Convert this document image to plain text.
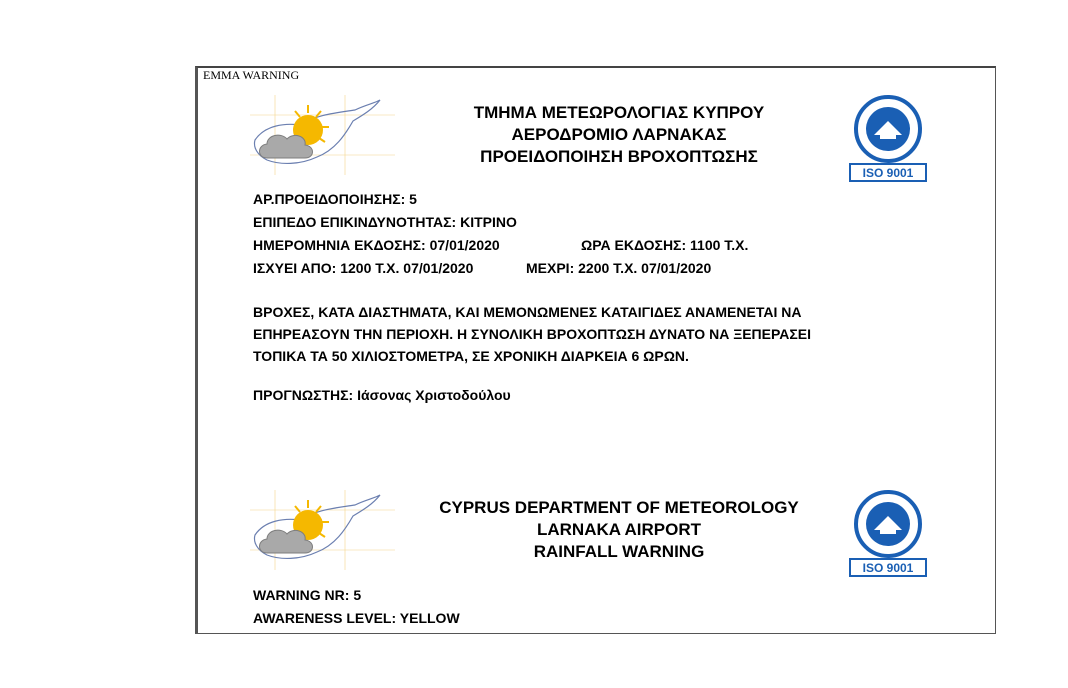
EMMA WARNING
ΤΜΗΜΑ ΜΕΤΕΩΡΟΛΟΓΙΑΣ ΚΥΠΡΟΥ
ΑΕΡΟΔΡΟΜΙΟ ΛΑΡΝΑΚΑΣ
ΠΡΟΕΙΔΟΠΟΙΗΣΗ ΒΡΟΧΟΠΤΩΣΗΣ
ISO 9001
ΑΡ.ΠΡΟΕΙΔΟΠΟΙΗΣΗΣ: 5
ΕΠΙΠΕΔΟ ΕΠΙΚΙΝΔΥΝΟΤΗΤΑΣ: ΚΙΤΡΙΝΟ
ΗΜΕΡΟΜΗΝΙΑ ΕΚΔΟΣΗΣ: 07/01/2020	ΩΡΑ ΕΚΔΟΣΗΣ: 1100 Τ.Χ.
ΙΣΧΥΕΙ ΑΠΟ: 1200 Τ.Χ. 07/01/2020	ΜΕΧΡΙ: 2200 Τ.Χ. 07/01/2020
ΒΡΟΧΕΣ, ΚΑΤΑ ΔΙΑΣΤΗΜΑΤΑ, ΚΑΙ ΜΕΜΟΝΩΜΕΝΕΣ ΚΑΤΑΙΓΙΔΕΣ ΑΝΑΜΕΝΕΤΑΙ ΝΑ
ΕΠΗΡΕΑΣΟΥΝ ΤΗΝ ΠΕΡΙΟΧΗ. Η ΣΥΝΟΛΙΚΗ ΒΡΟΧΟΠΤΩΣΗ ΔΥΝΑΤΟ ΝΑ ΞΕΠΕΡΑΣΕΙ
ΤΟΠΙΚΑ ΤΑ 50 ΧΙΛΙΟΣΤΟΜΕΤΡΑ, ΣΕ ΧΡΟΝΙΚΗ ΔΙΑΡΚΕΙΑ 6 ΩΡΩΝ.
ΠΡΟΓΝΩΣΤΗΣ: Ιάσονας Χριστοδούλου
CYPRUS DEPARTMENT OF METEOROLOGY
LARNAKA AIRPORT
RAINFALL WARNING
ISO 9001
WARNING NR: 5
AWARENESS LEVEL: YELLOW
